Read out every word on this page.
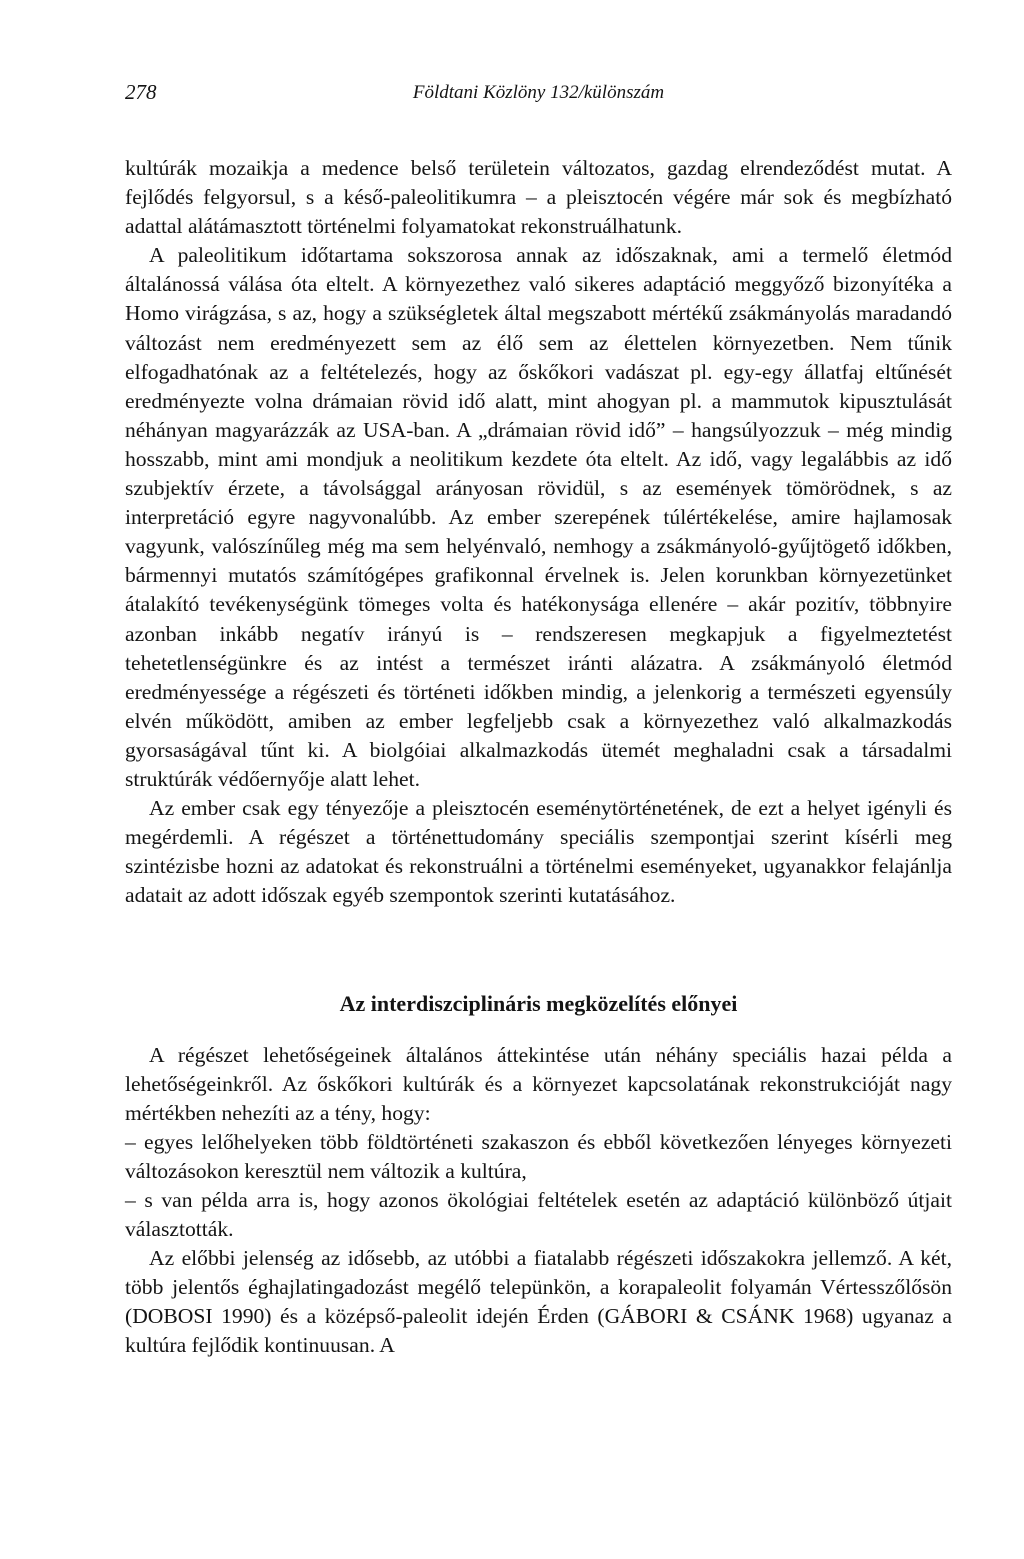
278	Földtani Közlöny 132/különszám

kultúrák mozaikja a medence belső területein változatos, gazdag elrendeződést mutat. A fejlődés felgyorsul, s a késő-paleolitikumra – a pleisztocén végére már sok és megbízható adattal alátámasztott történelmi folyamatokat rekonstruálhatunk.

A paleolitikum időtartama sokszorosa annak az időszaknak, ami a termelő életmód általánossá válása óta eltelt. A környezethez való sikeres adaptáció meggyőző bizonyítéka a Homo virágzása, s az, hogy a szükségletek által megszabott mértékű zsákmányolás maradandó változást nem eredményezett sem az élő sem az élettelen környezetben. Nem tűnik elfogadhatónak az a feltételezés, hogy az őskőkori vadászat pl. egy-egy állatfaj eltűnését eredményezte volna drámaian rövid idő alatt, mint ahogyan pl. a mammutok kipusztulását néhányan magyarázzák az USA-ban. A „drámaian rövid idő” – hangsúlyozzuk – még mindig hosszabb, mint ami mondjuk a neolitikum kezdete óta eltelt. Az idő, vagy legalábbis az idő szubjektív érzete, a távolsággal arányosan rövidül, s az események tömörödnek, s az interpretáció egyre nagyvonalúbb. Az ember szerepének túlértékelése, amire hajlamosak vagyunk, valószínűleg még ma sem helyénvaló, nemhogy a zsákmányoló-gyűjtögető időkben, bármennyi mutatós számítógépes grafikonnal érvelnek is. Jelen korunkban környezetünket átalakító tevékenységünk tömeges volta és hatékonysága ellenére – akár pozitív, többnyire azonban inkább negatív irányú is – rendszeresen megkapjuk a figyelmeztetést tehetetlenségünkre és az intést a természet iránti alázatra. A zsákmányoló életmód eredményessége a régészeti és történeti időkben mindig, a jelenkorig a természeti egyensúly elvén működött, amiben az ember legfeljebb csak a környezethez való alkalmazkodás gyorsaságával tűnt ki. A biolgóiai alkalmazkodás ütemét meghaladni csak a társadalmi struktúrák védőernyője alatt lehet.

Az ember csak egy tényezője a pleisztocén eseménytörténetének, de ezt a helyet igényli és megérdemli. A régészet a történettudomány speciális szempontjai szerint kísérli meg szintézisbe hozni az adatokat és rekonstruálni a történelmi eseményeket, ugyanakkor felajánlja adatait az adott időszak egyéb szempontok szerinti kutatásához.

Az interdiszciplináris megközelítés előnyei

A régészet lehetőségeinek általános áttekintése után néhány speciális hazai példa a lehetőségeinkről. Az őskőkori kultúrák és a környezet kapcsolatának rekonstrukcióját nagy mértékben nehezíti az a tény, hogy:

– egyes lelőhelyeken több földtörténeti szakaszon és ebből következően lényeges környezeti változásokon keresztül nem változik a kultúra,

– s van példa arra is, hogy azonos ökológiai feltételek esetén az adaptáció különböző útjait választották.

Az előbbi jelenség az idősebb, az utóbbi a fiatalabb régészeti időszakokra jellemző. A két, több jelentős éghajlatingadozást megélő telepünkön, a korapaleolit folyamán Vértesszőlősön (DOBOSI 1990) és a középső-paleolit idején Érden (GÁBORI & CSÁNK 1968) ugyanaz a kultúra fejlődik kontinuusan. A
